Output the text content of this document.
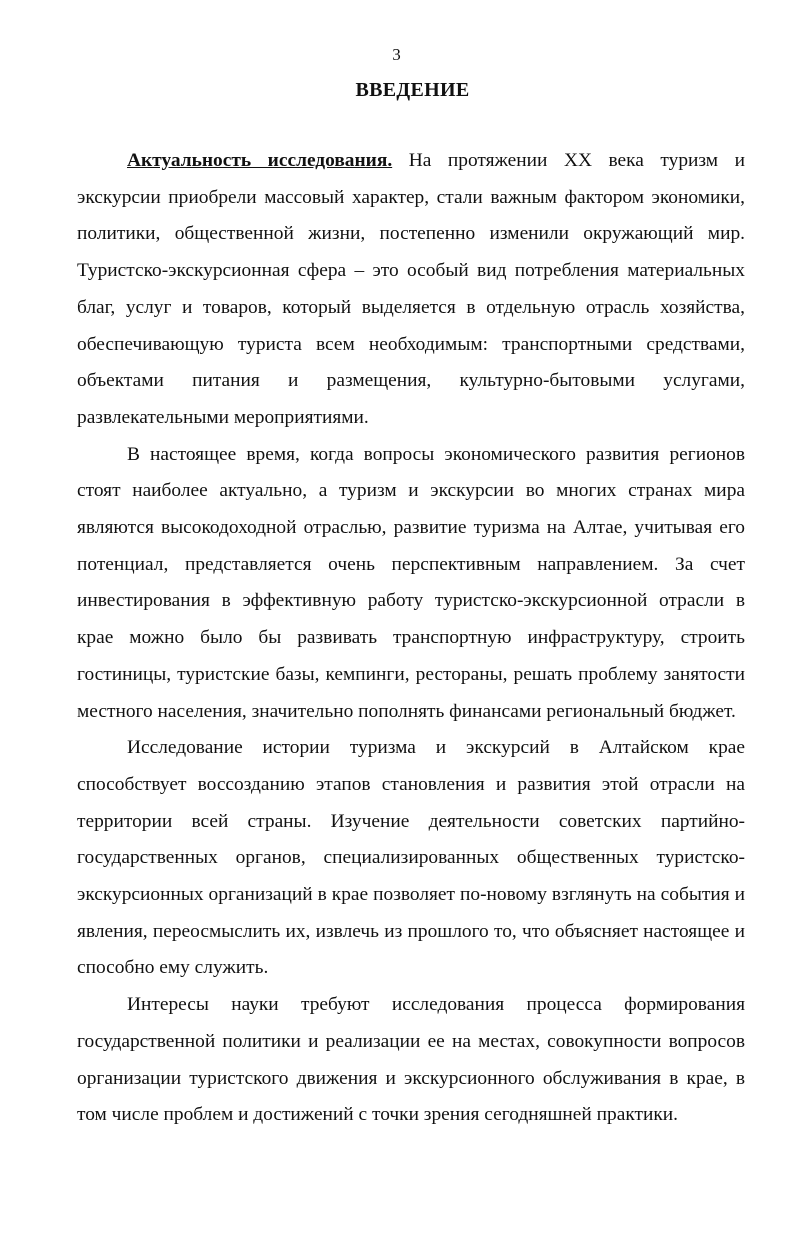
3
ВВЕДЕНИЕ

Актуальность исследования. На протяжении XX века туризм и экскурсии приобрели массовый характер, стали важным фактором экономики, политики, общественной жизни, постепенно изменили окружающий мир. Туристско-экскурсионная сфера – это особый вид потребления материальных благ, услуг и товаров, который выделяется в отдельную отрасль хозяйства, обеспечивающую туриста всем необходимым: транспортными средствами, объектами питания и размещения, культурно-бытовыми услугами, развлекательными мероприятиями.

В настоящее время, когда вопросы экономического развития регионов стоят наиболее актуально, а туризм и экскурсии во многих странах мира являются высокодоходной отраслью, развитие туризма на Алтае, учитывая его потенциал, представляется очень перспективным направлением. За счет инвестирования в эффективную работу туристско-экскурсионной отрасли в крае можно было бы развивать транспортную инфраструктуру, строить гостиницы, туристские базы, кемпинги, рестораны, решать проблему занятости местного населения, значительно пополнять финансами региональный бюджет.

Исследование истории туризма и экскурсий в Алтайском крае способствует воссозданию этапов становления и развития этой отрасли на территории всей страны. Изучение деятельности советских партийно-государственных органов, специализированных общественных туристско-экскурсионных организаций в крае позволяет по-новому взглянуть на события и явления, переосмыслить их, извлечь из прошлого то, что объясняет настоящее и способно ему служить.

Интересы науки требуют исследования процесса формирования государственной политики и реализации ее на местах, совокупности вопросов организации туристского движения и экскурсионного обслуживания в крае, в том числе проблем и достижений с точки зрения сегодняшней практики.
